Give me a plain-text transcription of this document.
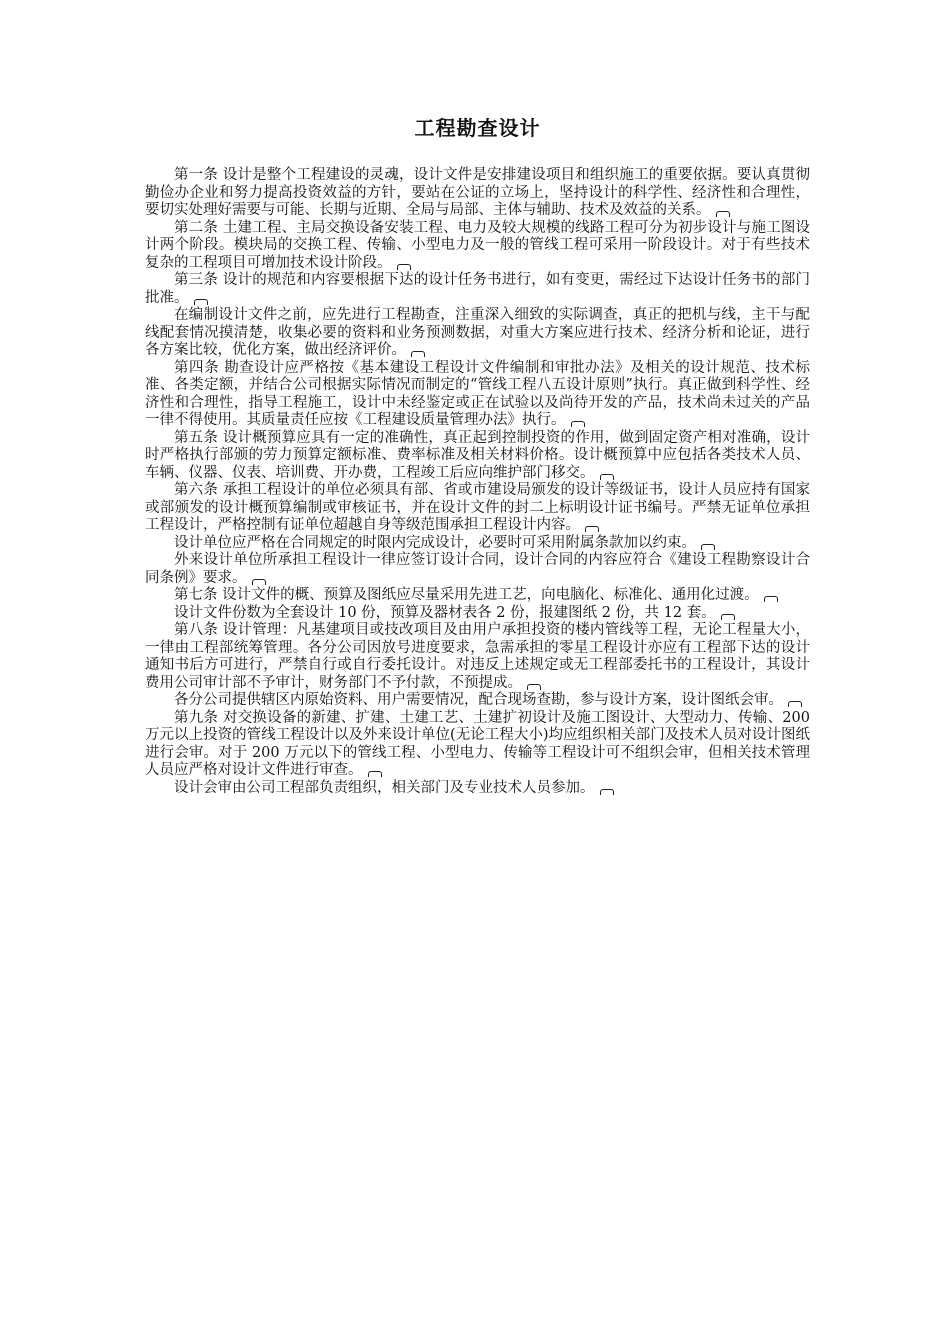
工程勘查设计

第一条 设计是整个工程建设的灵魂，设计文件是安排建设项目和组织施工的重要依据。要认真贯彻勤俭办企业和努力提高投资效益的方针，要站在公证的立场上，坚持设计的科学性、经济性和合理性，要切实处理好需要与可能、长期与近期、全局与局部、主体与辅助、技术及效益的关系。

第二条 土建工程、主局交换设备安装工程、电力及较大规模的线路工程可分为初步设计与施工图设计两个阶段。模块局的交换工程、传输、小型电力及一般的管线工程可采用一阶段设计。对于有些技术复杂的工程项目可增加技术设计阶段。

第三条 设计的规范和内容要根据下达的设计任务书进行，如有变更，需经过下达设计任务书的部门批准。

在编制设计文件之前，应先进行工程勘查，注重深入细致的实际调查，真正的把机与线，主干与配线配套情况摸清楚，收集必要的资料和业务预测数据，对重大方案应进行技术、经济分析和论证，进行各方案比较，优化方案，做出经济评价。

第四条 勘查设计应严格按《基本建设工程设计文件编制和审批办法》及相关的设计规范、技术标准、各类定额，并结合公司根据实际情况而制定的“管线工程八五设计原则”执行。真正做到科学性、经济性和合理性，指导工程施工，设计中未经鉴定或正在试验以及尚待开发的产品，技术尚未过关的产品一律不得使用。其质量责任应按《工程建设质量管理办法》执行。

第五条 设计概预算应具有一定的准确性，真正起到控制投资的作用，做到固定资产相对准确，设计时严格执行部颁的劳力预算定额标准、费率标准及相关材料价格。设计概预算中应包括各类技术人员、车辆、仪器、仪表、培训费、开办费，工程竣工后应向维护部门移交。

第六条 承担工程设计的单位必须具有部、省或市建设局颁发的设计等级证书，设计人员应持有国家或部颁发的设计概预算编制或审核证书，并在设计文件的封二上标明设计证书编号。严禁无证单位承担工程设计，严格控制有证单位超越自身等级范围承担工程设计内容。

设计单位应严格在合同规定的时限内完成设计，必要时可采用附属条款加以约束。

外来设计单位所承担工程设计一律应签订设计合同，设计合同的内容应符合《建设工程勘察设计合同条例》要求。

第七条 设计文件的概、预算及图纸应尽量采用先进工艺，向电脑化、标准化、通用化过渡。

设计文件份数为全套设计 10 份，预算及器材表各 2 份，报建图纸 2 份，共 12 套。

第八条 设计管理：凡基建项目或技改项目及由用户承担投资的楼内管线等工程，无论工程量大小，一律由工程部统筹管理。各分公司因放号进度要求，急需承担的零星工程设计亦应有工程部下达的设计通知书后方可进行，严禁自行或自行委托设计。对违反上述规定或无工程部委托书的工程设计，其设计费用公司审计部不予审计，财务部门不予付款，不预提成。

各分公司提供辖区内原始资料、用户需要情况，配合现场查勘，参与设计方案，设计图纸会审。

第九条 对交换设备的新建、扩建、土建工艺、土建扩初设计及施工图设计、大型动力、传输、200 万元以上投资的管线工程设计以及外来设计单位(无论工程大小)均应组织相关部门及技术人员对设计图纸进行会审。对于 200 万元以下的管线工程、小型电力、传输等工程设计可不组织会审，但相关技术管理人员应严格对设计文件进行审查。

设计会审由公司工程部负责组织，相关部门及专业技术人员参加。
